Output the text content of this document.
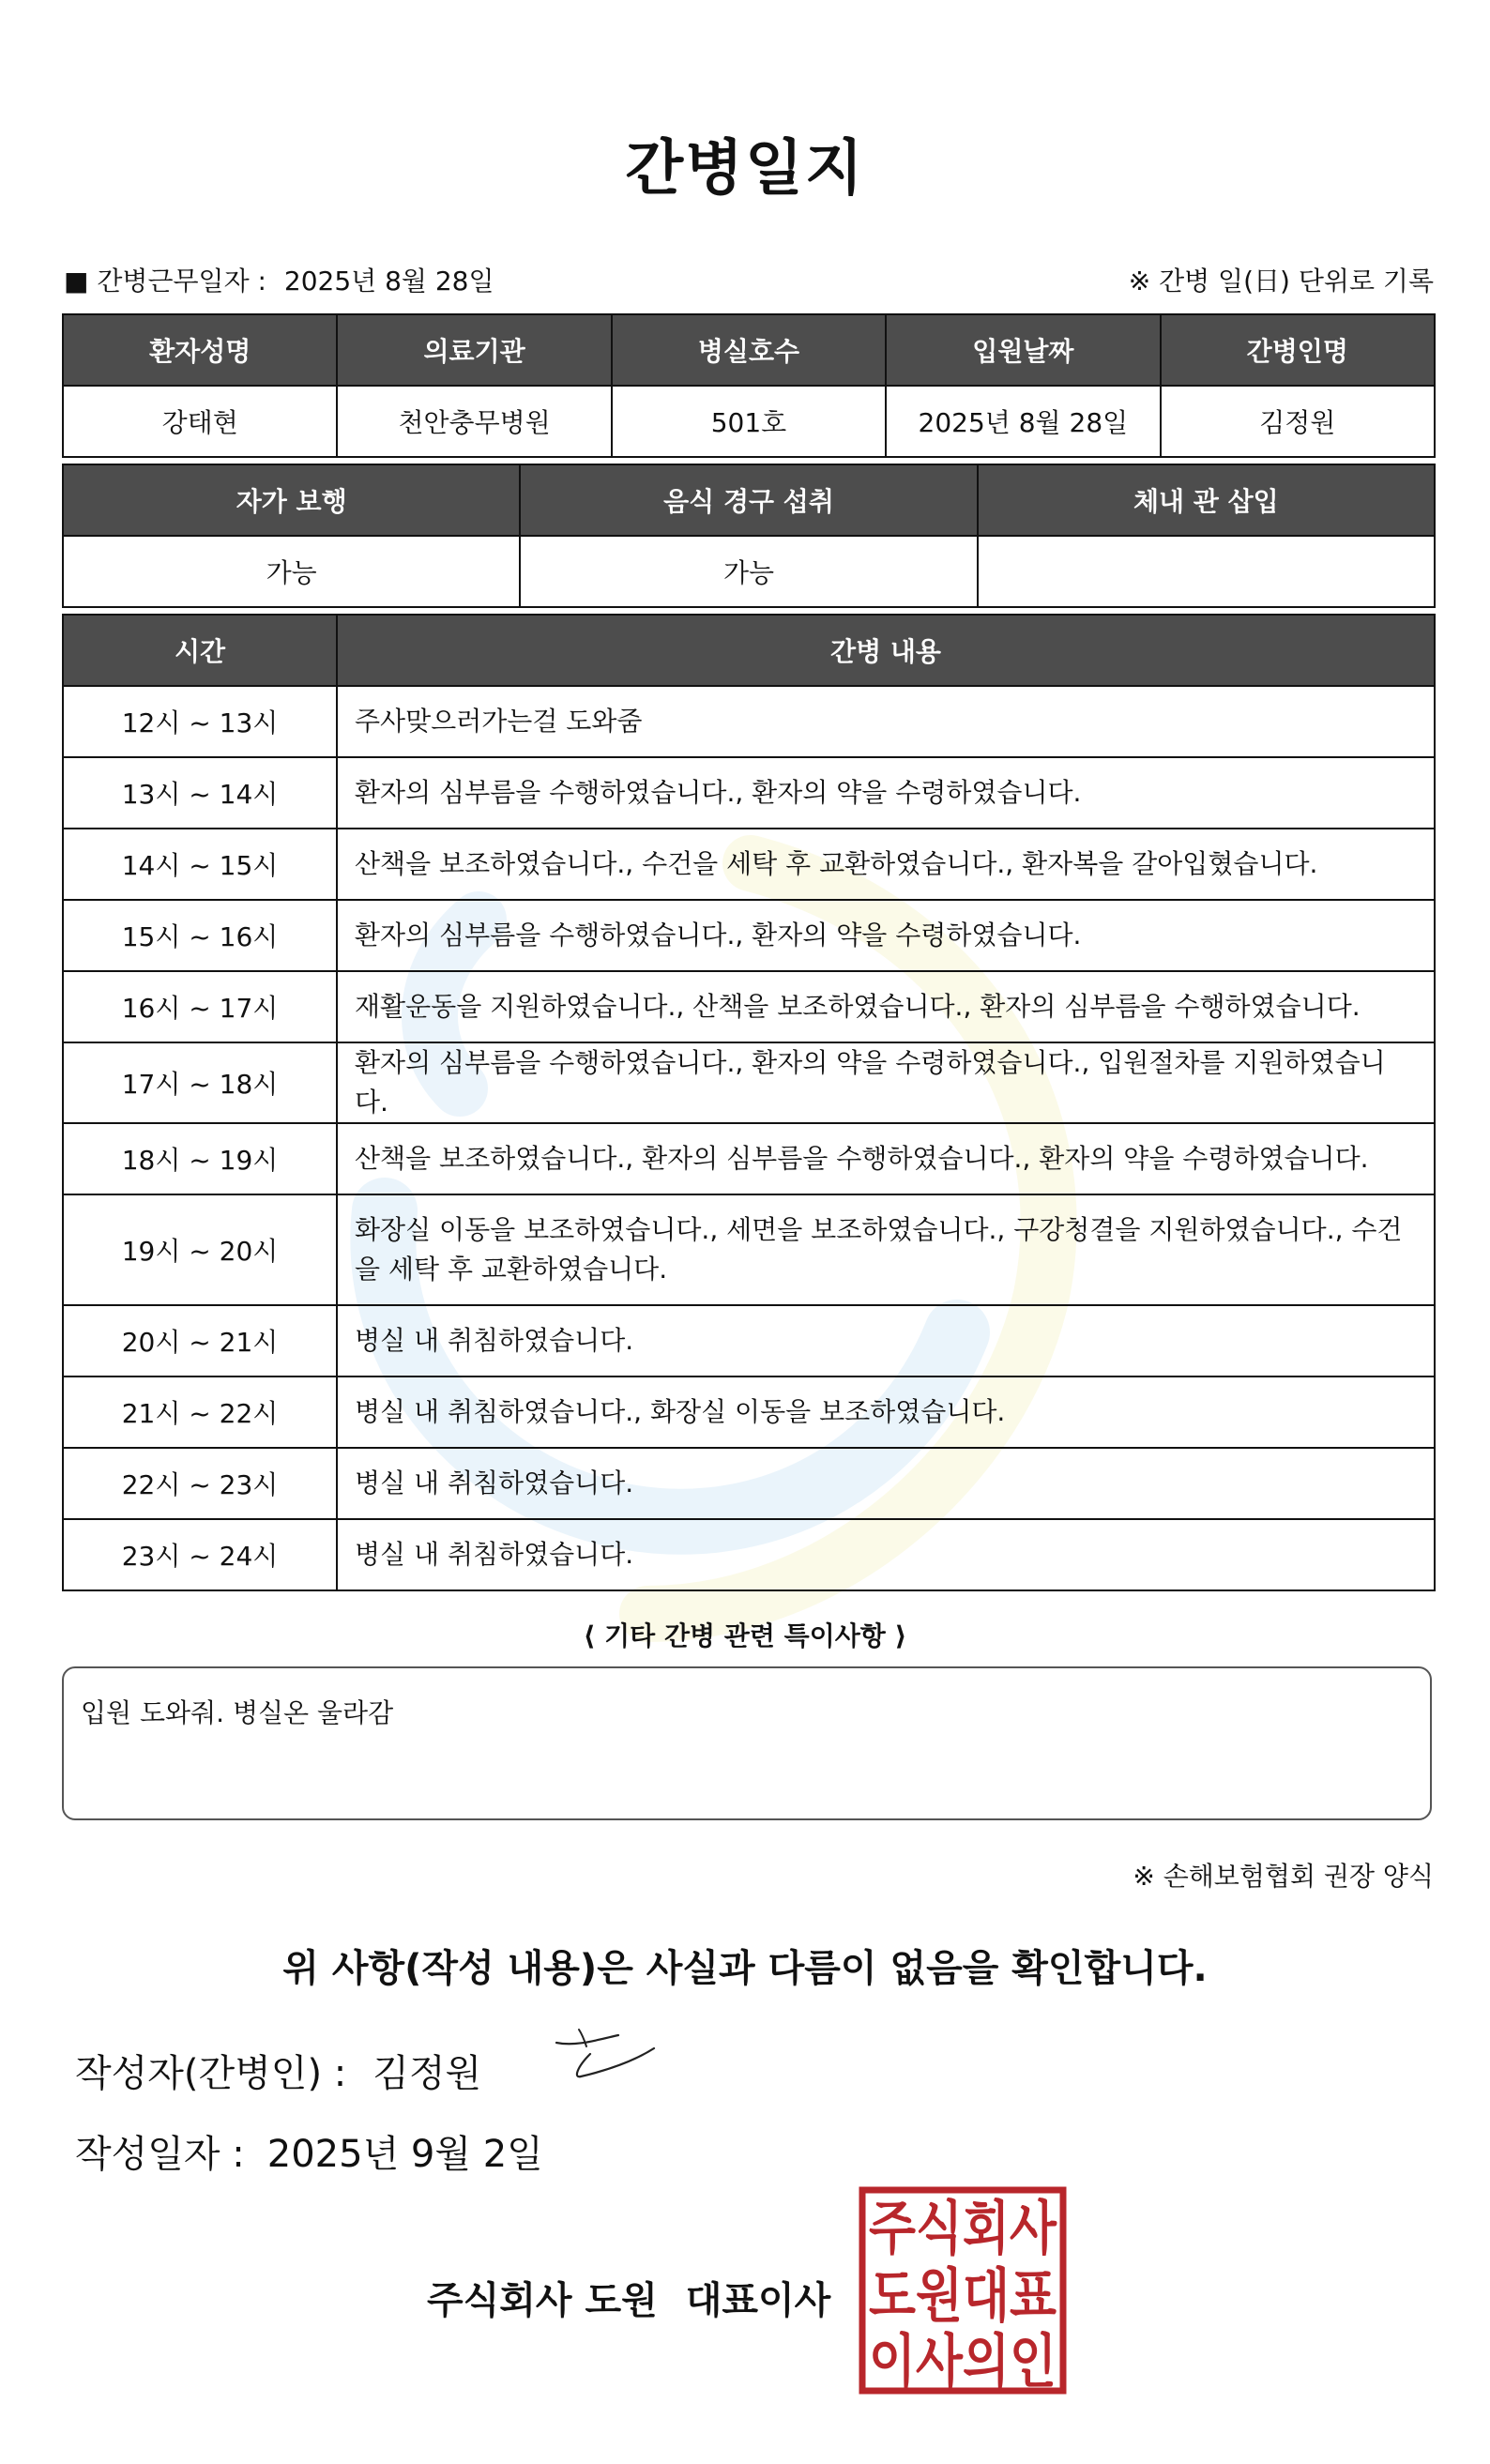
간병일지
■ 간병근무일자 : 2025년 8월 28일	※ 간병 일(日) 단위로 기록
환자성명	의료기관	병실호수	입원날짜	간병인명
강태현	천안충무병원	501호	2025년 8월 28일	김정원
자가 보행	음식 경구 섭취	체내 관 삽입
가능	가능	
시간	간병 내용
12시 ~ 13시	주사맞으러가는걸 도와줌
13시 ~ 14시	환자의 심부름을 수행하였습니다., 환자의 약을 수령하였습니다.
14시 ~ 15시	산책을 보조하였습니다., 수건을 세탁 후 교환하였습니다., 환자복을 갈아입혔습니다.
15시 ~ 16시	환자의 심부름을 수행하였습니다., 환자의 약을 수령하였습니다.
16시 ~ 17시	재활운동을 지원하였습니다., 산책을 보조하였습니다., 환자의 심부름을 수행하였습니다.
17시 ~ 18시	환자의 심부름을 수행하였습니다., 환자의 약을 수령하였습니다., 입원절차를 지원하였습니다.
18시 ~ 19시	산책을 보조하였습니다., 환자의 심부름을 수행하였습니다., 환자의 약을 수령하였습니다.
19시 ~ 20시	화장실 이동을 보조하였습니다., 세면을 보조하였습니다., 구강청결을 지원하였습니다., 수건을 세탁 후 교환하였습니다.
20시 ~ 21시	병실 내 취침하였습니다.
21시 ~ 22시	병실 내 취침하였습니다., 화장실 이동을 보조하였습니다.
22시 ~ 23시	병실 내 취침하였습니다.
23시 ~ 24시	병실 내 취침하였습니다.
⟨ 기타 간병 관련 특이사항 ⟩
입원 도와줘. 병실온 울라감
※ 손해보험협회 권장 양식
위 사항(작성 내용)은 사실과 다름이 없음을 확인합니다.
작성자(간병인) : 김정원
작성일자 : 2025년 9월 2일
주식회사 도원 대표이사
주식회사
도원대표
이사의인
